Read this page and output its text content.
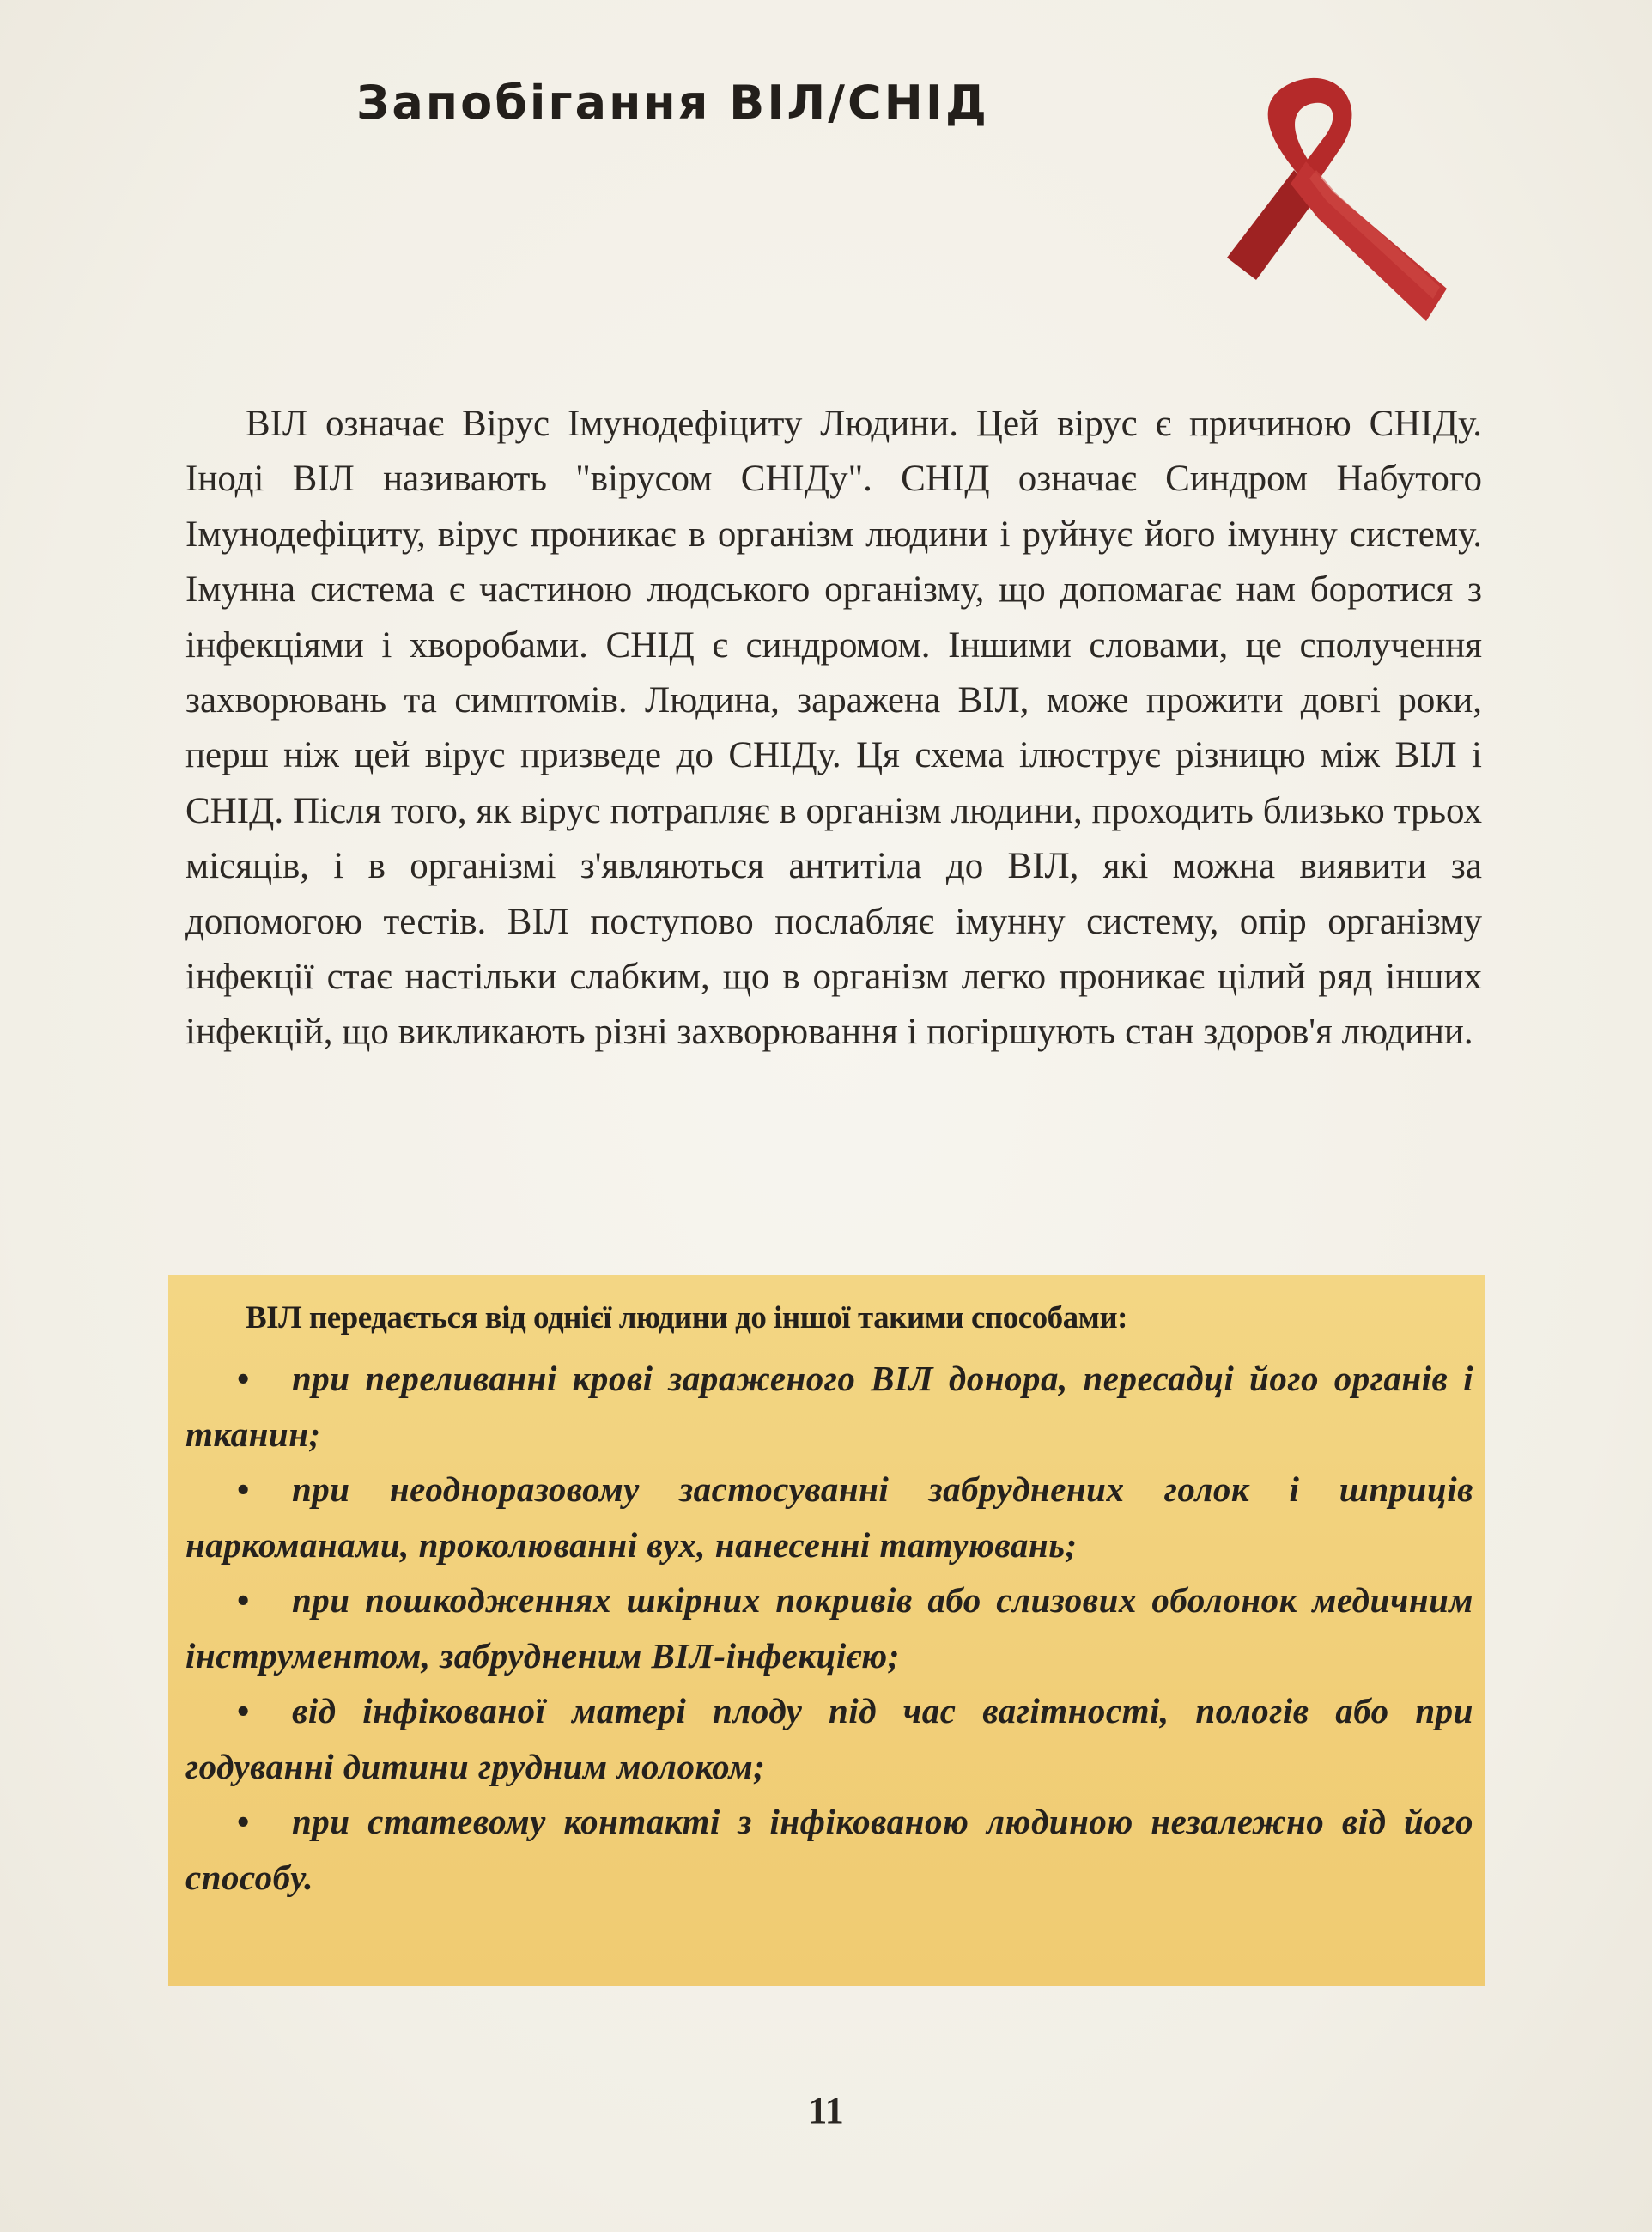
Запобігання ВІЛ/СНІД

ВІЛ означає Вірус Імунодефіциту Людини. Цей вірус є причиною СНІДу. Іноді ВІЛ називають "вірусом СНІДу". СНІД означає Синдром Набутого Імунодефіциту, вірус проникає в організм людини і руйнує його імунну систему. Імунна система є частиною людського організму, що допомагає нам боротися з інфекціями і хворобами. СНІД є синдромом. Іншими словами, це сполучення захворювань та симптомів. Людина, заражена ВІЛ, може прожити довгі роки, перш ніж цей вірус призведе до СНІДу. Ця схема ілюструє різницю між ВІЛ і СНІД. Після того, як вірус потрапляє в організм людини, проходить близько трьох місяців, і в організмі з'являються антитіла до ВІЛ, які можна виявити за допомогою тестів. ВІЛ поступово послабляє імунну систему, опір організму інфекції стає настільки слабким, що в організм легко проникає цілий ряд інших інфекцій, що викликають різні захворювання і погіршують стан здоров'я людини.

ВІЛ передається від однієї людини до іншої такими способами:

• при переливанні крові зараженого ВІЛ донора, пересадці його органів і тканин;
• при неодноразовому застосуванні забруднених голок і шприців наркоманами, проколюванні вух, нанесенні татуювань;
• при пошкодженнях шкірних покривів або слизових оболонок медичним інструментом, забрудненим ВІЛ-інфекцією;
• від інфікованої матері плоду під час вагітності, пологів або при годуванні дитини грудним молоком;
• при статевому контакті з інфікованою людиною незалежно від його способу.

11
